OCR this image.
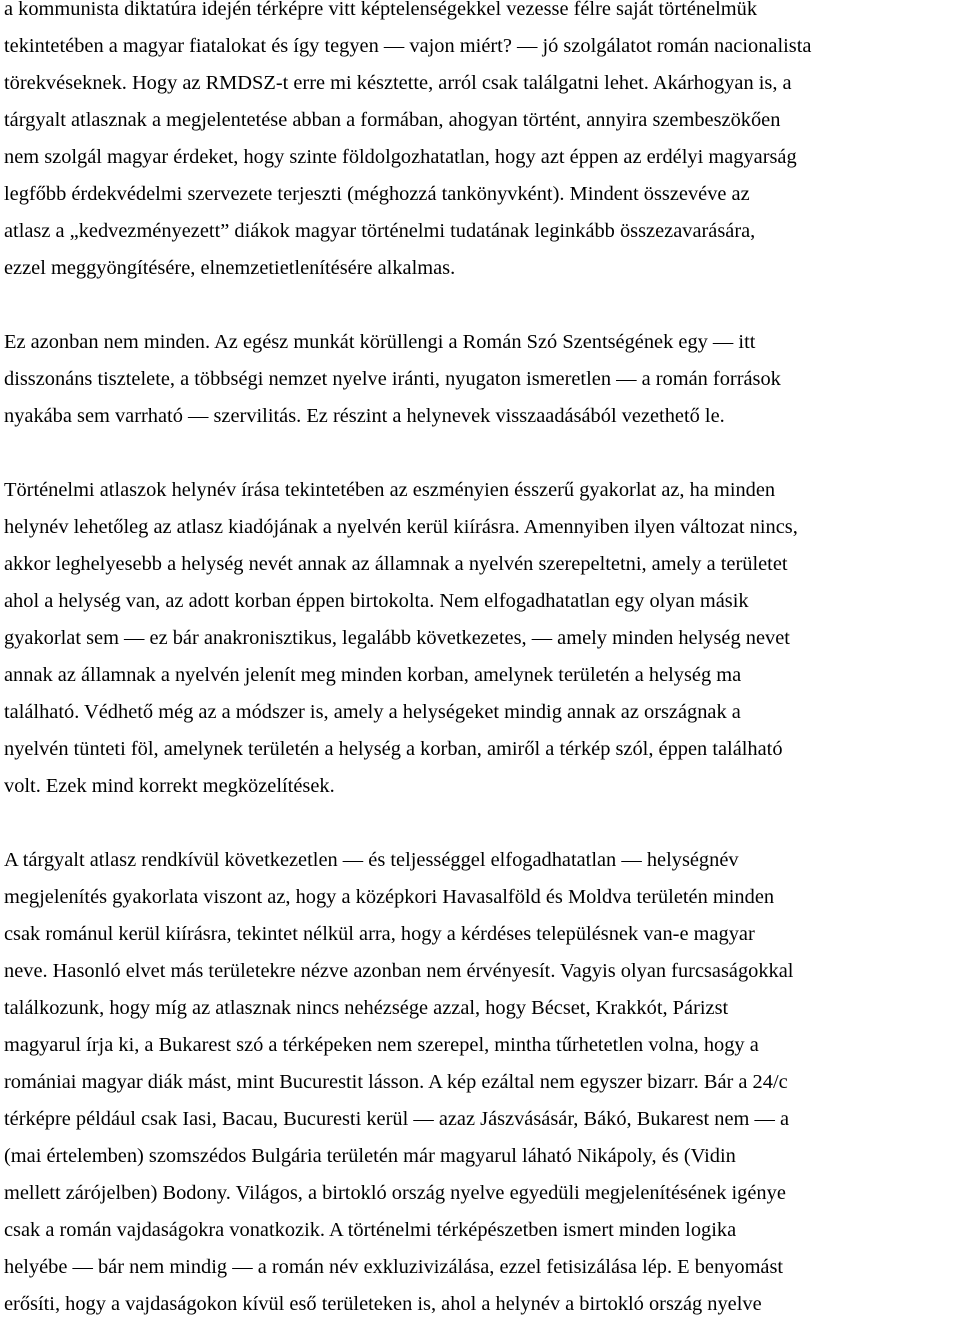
a kommunista diktatúra idején térképre vitt képtelenségekkel vezesse félre saját történelmük
tekintetében a magyar fiatalokat és így tegyen — vajon miért? — jó szolgálatot román nacionalista
törekvéseknek. Hogy az RMDSZ-t erre mi késztette, arról csak találgatni lehet. Akárhogyan is, a
tárgyalt atlasznak a megjelentetése abban a formában, ahogyan történt, annyira szembeszökően
nem szolgál magyar érdeket, hogy szinte földolgozhatatlan, hogy azt éppen az erdélyi magyarság
legfőbb érdekvédelmi szervezete terjeszti (méghozzá tankönyvként). Mindent összevéve az
atlasz a „kedvezményezett” diákok magyar történelmi tudatának leginkább összezavarására,
ezzel meggyöngítésére, elnemzetietlenítésére alkalmas.
Ez azonban nem minden. Az egész munkát körüllengi a Román Szó Szentségének egy — itt
disszonáns tisztelete, a többségi nemzet nyelve iránti, nyugaton ismeretlen — a román források
nyakába sem varrható — szervilitás. Ez részint a helynevek visszaadásából vezethető le.
Történelmi atlaszok helynév írása tekintetében az eszményien ésszerű gyakorlat az, ha minden
helynév lehetőleg az atlasz kiadójának a nyelvén kerül kiírásra. Amennyiben ilyen változat nincs,
akkor leghelyesebb a helység nevét annak az államnak a nyelvén szerepeltetni, amely a területet
ahol a helység van, az adott korban éppen birtokolta. Nem elfogadhatatlan egy olyan másik
gyakorlat sem — ez bár anakronisztikus, legalább következetes, — amely minden helység nevet
annak az államnak a nyelvén jelenít meg minden korban, amelynek területén a helység ma
található. Védhető még az a módszer is, amely a helységeket mindig annak az országnak a
nyelvén tünteti föl, amelynek területén a helység a korban, amiről a térkép szól, éppen található
volt. Ezek mind korrekt megközelítések.
A tárgyalt atlasz rendkívül következetlen — és teljességgel elfogadhatatlan — helységnév
megjelenítés gyakorlata viszont az, hogy a középkori Havasalföld és Moldva területén minden
csak románul kerül kiírásra, tekintet nélkül arra, hogy a kérdéses településnek van-e magyar
neve. Hasonló elvet más területekre nézve azonban nem érvényesít. Vagyis olyan furcsaságokkal
találkozunk, hogy míg az atlasznak nincs nehézsége azzal, hogy Bécset, Krakkót, Párizst
magyarul írja ki, a Bukarest szó a térképeken nem szerepel, mintha tűrhetetlen volna, hogy a
romániai magyar diák mást, mint Bucurestit lásson. A kép ezáltal nem egyszer bizarr. Bár a 24/c
térképre például csak Iasi, Bacau, Bucuresti kerül — azaz Jászvásásár, Bákó, Bukarest nem — a
(mai értelemben) szomszédos Bulgária területén már magyarul láható Nikápoly, és (Vidin
mellett zárójelben) Bodony. Világos, a birtokló ország nyelve egyedüli megjelenítésének igénye
csak a román vajdaságokra vonatkozik. A történelmi térképészetben ismert minden logika
helyébe — bár nem mindig — a román név exkluzivizálása, ezzel fetisizálása lép. E benyomást
erősíti, hogy a vajdaságokon kívül eső területeken is, ahol a helynév a birtokló ország nyelve
